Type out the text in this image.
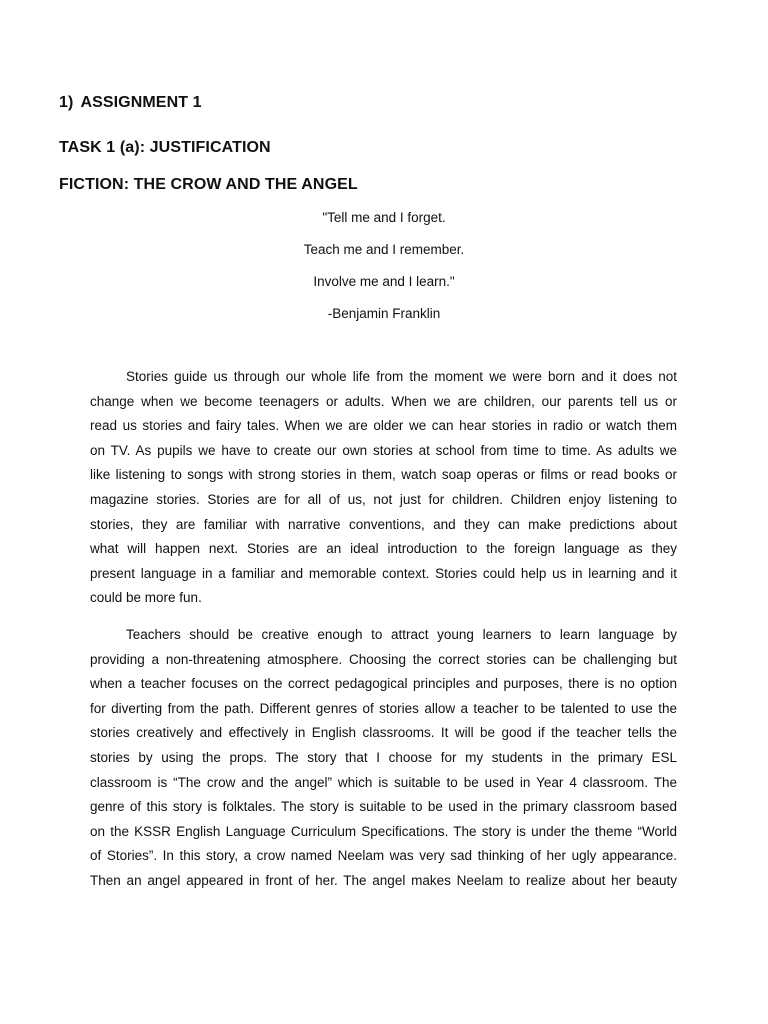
1) ASSIGNMENT 1
TASK 1 (a): JUSTIFICATION
FICTION: THE CROW AND THE ANGEL

"Tell me and I forget.

Teach me and I remember.

Involve me and I learn."

-Benjamin Franklin

Stories guide us through our whole life from the moment we were born and it does not
change when we become teenagers or adults. When we are children, our parents tell us or
read us stories and fairy tales. When we are older we can hear stories in radio or watch them
on TV. As pupils we have to create our own stories at school from time to time. As adults we
like listening to songs with strong stories in them, watch soap operas or films or read books or
magazine stories. Stories are for all of us, not just for children. Children enjoy listening to
stories, they are familiar with narrative conventions, and they can make predictions about
what will happen next. Stories are an ideal introduction to the foreign language as they
present language in a familiar and memorable context. Stories could help us in learning and it
could be more fun.
Teachers should be creative enough to attract young learners to learn language by
providing a non-threatening atmosphere. Choosing the correct stories can be challenging but
when a teacher focuses on the correct pedagogical principles and purposes, there is no option
for diverting from the path. Different genres of stories allow a teacher to be talented to use the
stories creatively and effectively in English classrooms. It will be good if the teacher tells the
stories by using the props. The story that I choose for my students in the primary ESL
classroom is “The crow and the angel” which is suitable to be used in Year 4 classroom. The
genre of this story is folktales. The story is suitable to be used in the primary classroom based
on the KSSR English Language Curriculum Specifications. The story is under the theme “World
of Stories”. In this story, a crow named Neelam was very sad thinking of her ugly appearance.
Then an angel appeared in front of her. The angel makes Neelam to realize about her beauty
